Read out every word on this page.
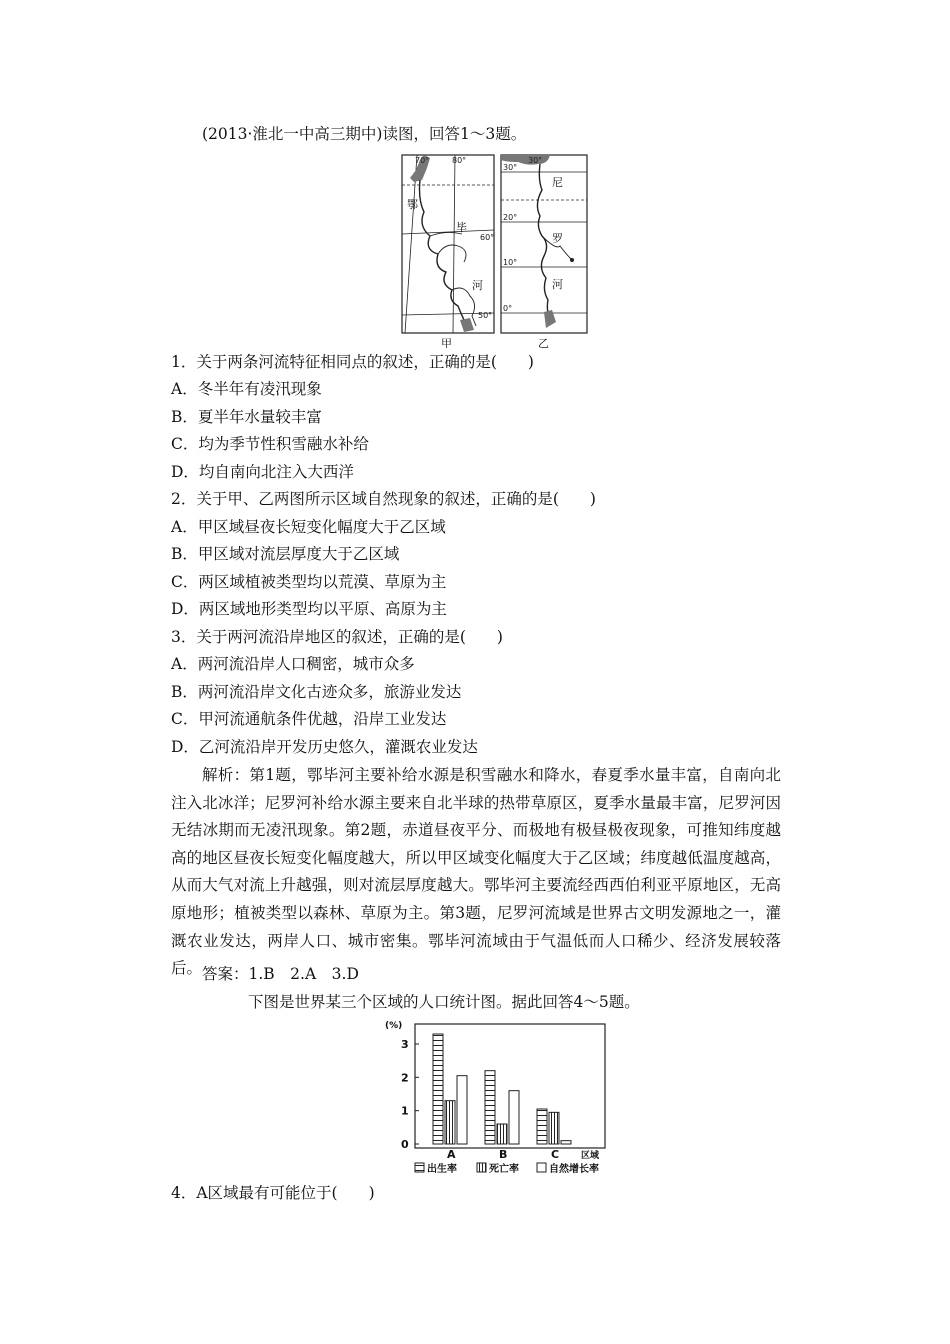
(2013·淮北一中高三期中)读图，回答1～3题。
70°	80°
60°
50°
鄂
毕
河
甲
30°
30°
20°
10°
0°
尼
罗
河
乙
1．关于两条河流特征相同点的叙述，正确的是(　　)
A．冬半年有凌汛现象
B．夏半年水量较丰富
C．均为季节性积雪融水补给
D．均自南向北注入大西洋
2．关于甲、乙两图所示区域自然现象的叙述，正确的是(　　)
A．甲区域昼夜长短变化幅度大于乙区域
B．甲区域对流层厚度大于乙区域
C．两区域植被类型均以荒漠、草原为主
D．两区域地形类型均以平原、高原为主
3．关于两河流沿岸地区的叙述，正确的是(　　)
A．两河流沿岸人口稠密，城市众多
B．两河流沿岸文化古迹众多，旅游业发达
C．甲河流通航条件优越，沿岸工业发达
D．乙河流沿岸开发历史悠久，灌溉农业发达
解析：第1题，鄂毕河主要补给水源是积雪融水和降水，春夏季水量丰富，自南向北注入北冰洋；尼罗河补给水源主要来自北半球的热带草原区，夏季水量最丰富，尼罗河因无结冰期而无凌汛现象。第2题，赤道昼夜平分、而极地有极昼极夜现象，可推知纬度越高的地区昼夜长短变化幅度越大，所以甲区域变化幅度大于乙区域；纬度越低温度越高，从而大气对流上升越强，则对流层厚度越大。鄂毕河主要流经西西伯利亚平原地区，无高原地形；植被类型以森林、草原为主。第3题，尼罗河流域是世界古文明发源地之一，灌溉农业发达，两岸人口、城市密集。鄂毕河流域由于气温低而人口稀少、经济发展较落后。 答案：1.B　2.A　3.D
下图是世界某三个区域的人口统计图。据此回答4～5题。
(%)
区域
0
1
2
3
A	B	C
出生率	死亡率	自然增长率
4．A区域最有可能位于(　　)
